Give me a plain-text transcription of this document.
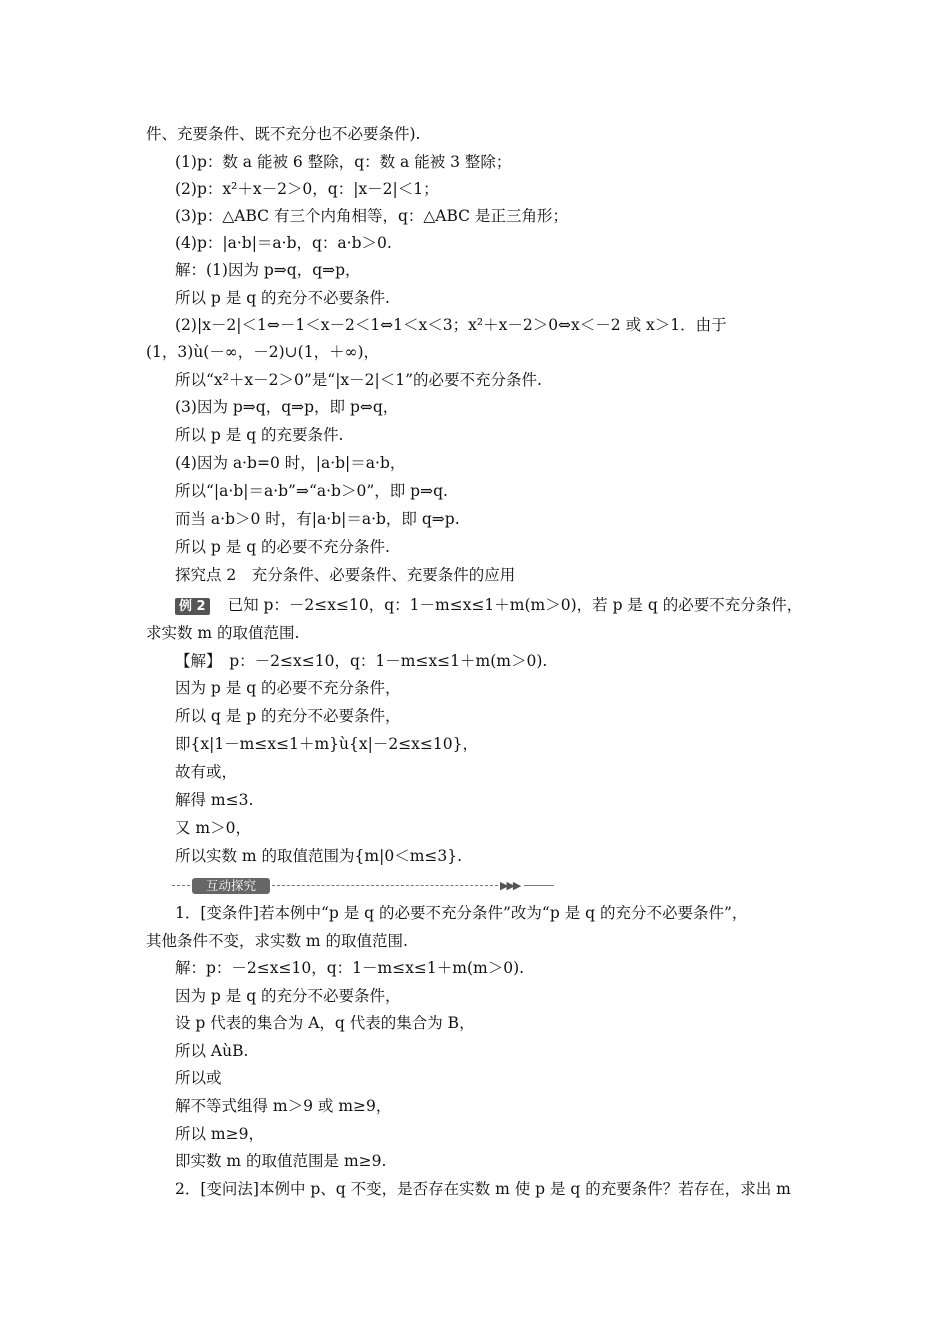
件、充要条件、既不充分也不必要条件).
(1)p：数 a 能被 6 整除，q：数 a 能被 3 整除；
(2)p：x²＋x－2＞0，q：|x－2|＜1；
(3)p：△ABC 有三个内角相等，q：△ABC 是正三角形；
(4)p：|a·b|＝a·b，q：a·b＞0.
解：(1)因为 p⇒q，q⇒p，
所以 p 是 q 的充分不必要条件.
(2)|x－2|＜1⇔－1＜x－2＜1⇔1＜x＜3；x²＋x－2＞0⇔x＜－2 或 x＞1．由于
(1，3)ù(－∞，－2)∪(1，＋∞)，
所以“x²＋x－2＞0”是“|x－2|＜1”的必要不充分条件.
(3)因为 p⇒q，q⇒p，即 p⇔q，
所以 p 是 q 的充要条件.
(4)因为 a·b=0 时，|a·b|＝a·b，
所以“|a·b|＝a·b”⇒“a·b＞0”，即 p⇒q.
而当 a·b＞0 时，有|a·b|＝a·b，即 q⇒p.
所以 p 是 q 的必要不充分条件.
探究点 2　充分条件、必要条件、充要条件的应用
例 2 已知 p：－2≤x≤10，q：1－m≤x≤1＋m(m＞0)，若 p 是 q 的必要不充分条件，
求实数 m 的取值范围.
【解】　p：－2≤x≤10，q：1－m≤x≤1＋m(m＞0).
因为 p 是 q 的必要不充分条件，
所以 q 是 p 的充分不必要条件，
即{x|1－m≤x≤1＋m}ù{x|－2≤x≤10}，
故有或，
解得 m≤3.
又 m＞0，
所以实数 m 的取值范围为{m|0＜m≤3}.
互动探究	▶▶▶
1．[变条件]若本例中“p 是 q 的必要不充分条件”改为“p 是 q 的充分不必要条件”，
其他条件不变，求实数 m 的取值范围.
解：p：－2≤x≤10，q：1－m≤x≤1＋m(m＞0).
因为 p 是 q 的充分不必要条件，
设 p 代表的集合为 A，q 代表的集合为 B，
所以 AùB.
所以或
解不等式组得 m＞9 或 m≥9，
所以 m≥9，
即实数 m 的取值范围是 m≥9.
2．[变问法]本例中 p、q 不变，是否存在实数 m 使 p 是 q 的充要条件？若存在，求出 m
